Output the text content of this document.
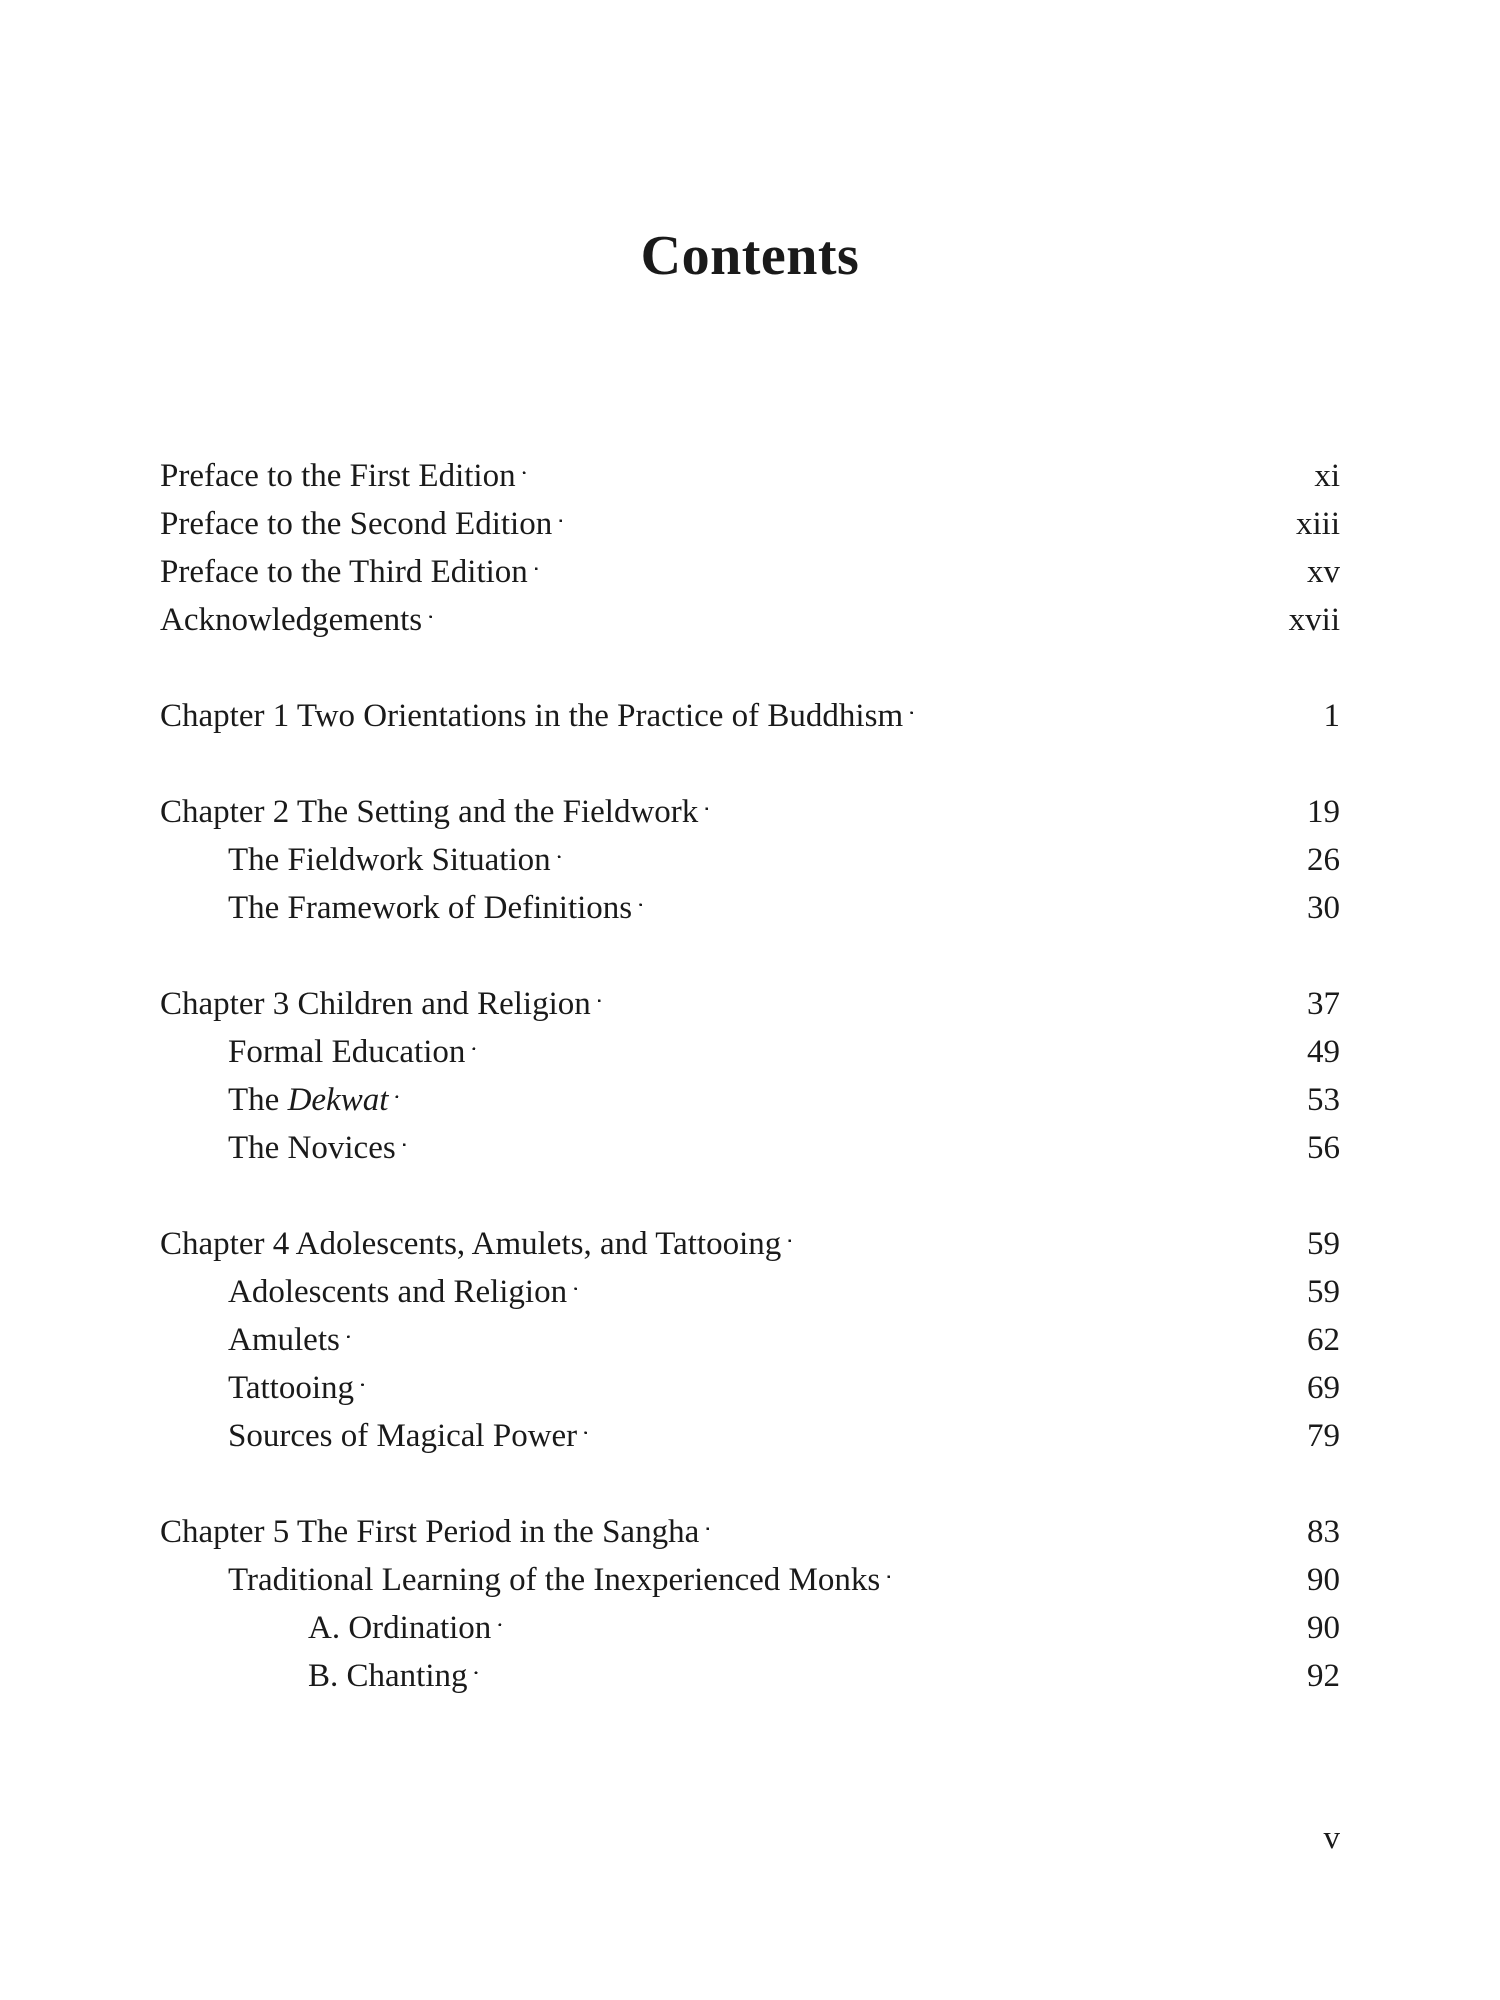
Contents
Preface to the First Edition . . .	xi
Preface to the Second Edition . . .	xiii
Preface to the Third Edition . . .	xv
Acknowledgements . . .	xvii
Chapter 1 Two Orientations in the Practice of Buddhism . . .	1
Chapter 2 The Setting and the Fieldwork . . .	19
The Fieldwork Situation . . .	26
The Framework of Definitions . . .	30
Chapter 3 Children and Religion . . .	37
Formal Education . . .	49
The Dekwat . . .	53
The Novices . . .	56
Chapter 4 Adolescents, Amulets, and Tattooing . . .	59
Adolescents and Religion . . .	59
Amulets . . .	62
Tattooing . . .	69
Sources of Magical Power . . .	79
Chapter 5 The First Period in the Sangha . . .	83
Traditional Learning of the Inexperienced Monks . . .	90
A. Ordination . . .	90
B. Chanting . . .	92
v
